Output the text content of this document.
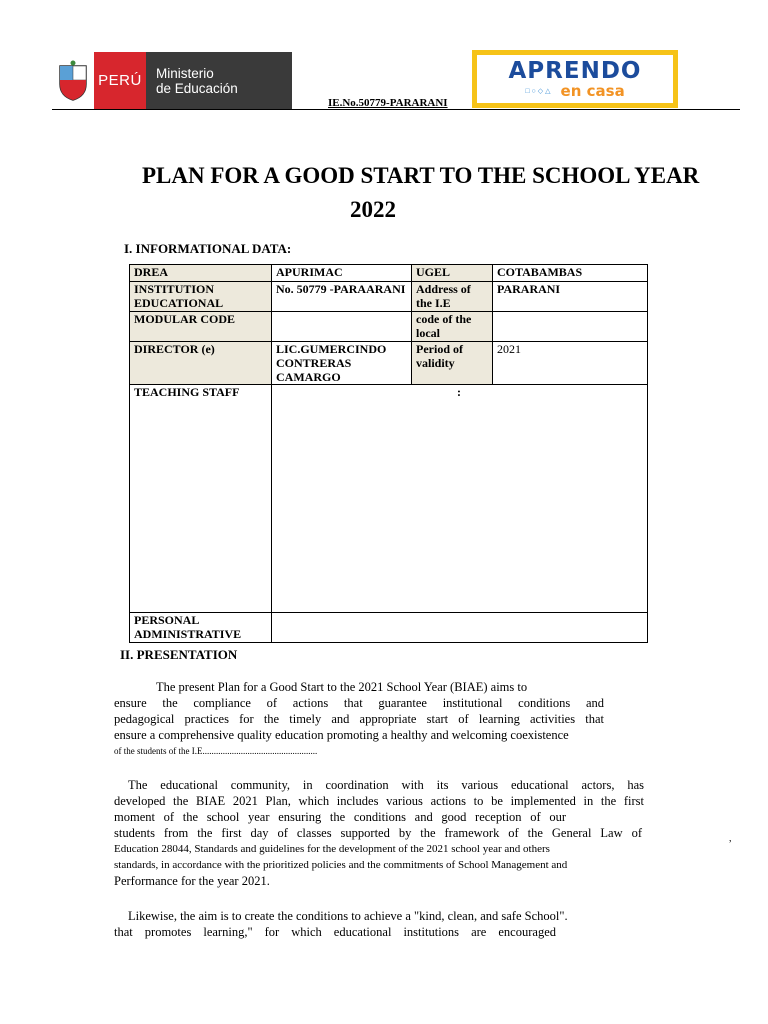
PERÚ	Ministerio
de Educación
APRENDO
□○◇△ en casa
IE.No.50779-PARARANI
PLAN FOR A GOOD START TO THE SCHOOL YEAR
2022
I. INFORMATIONAL DATA:
DREA	APURIMAC	UGEL	COTABAMBAS
INSTITUTION EDUCATIONAL	No. 50779 -PARAARANI	Address of the I.E	PARARANI
MODULAR CODE		code of the local	
DIRECTOR (e)	LIC.GUMERCINDO CONTRERAS CAMARGO	Period of validity	2021
TEACHING STAFF	:		
PERSONAL ADMINISTRATIVE			
II. PRESENTATION
The present Plan for a Good Start to the 2021 School Year (BIAE) aims to
ensure the compliance of actions that guarantee institutional conditions and
pedagogical practices for the timely and appropriate start of learning activities that
ensure a comprehensive quality education promoting a healthy and welcoming coexistence
of the students of the I.E...................................................
The educational community, in coordination with its various educational actors, has
developed the BIAE 2021 Plan, which includes various actions to be implemented in the first
moment of the school year ensuring the conditions and good reception of our
students from the first day of classes supported by the framework of the General Law of
Education 28044, Standards and guidelines for the development of the 2021 school year and others
standards, in accordance with the prioritized policies and the commitments of School Management and
Performance for the year 2021.
,
Likewise, the aim is to create the conditions to achieve a "kind, clean, and safe School".
that promotes learning," for which educational institutions are encouraged
